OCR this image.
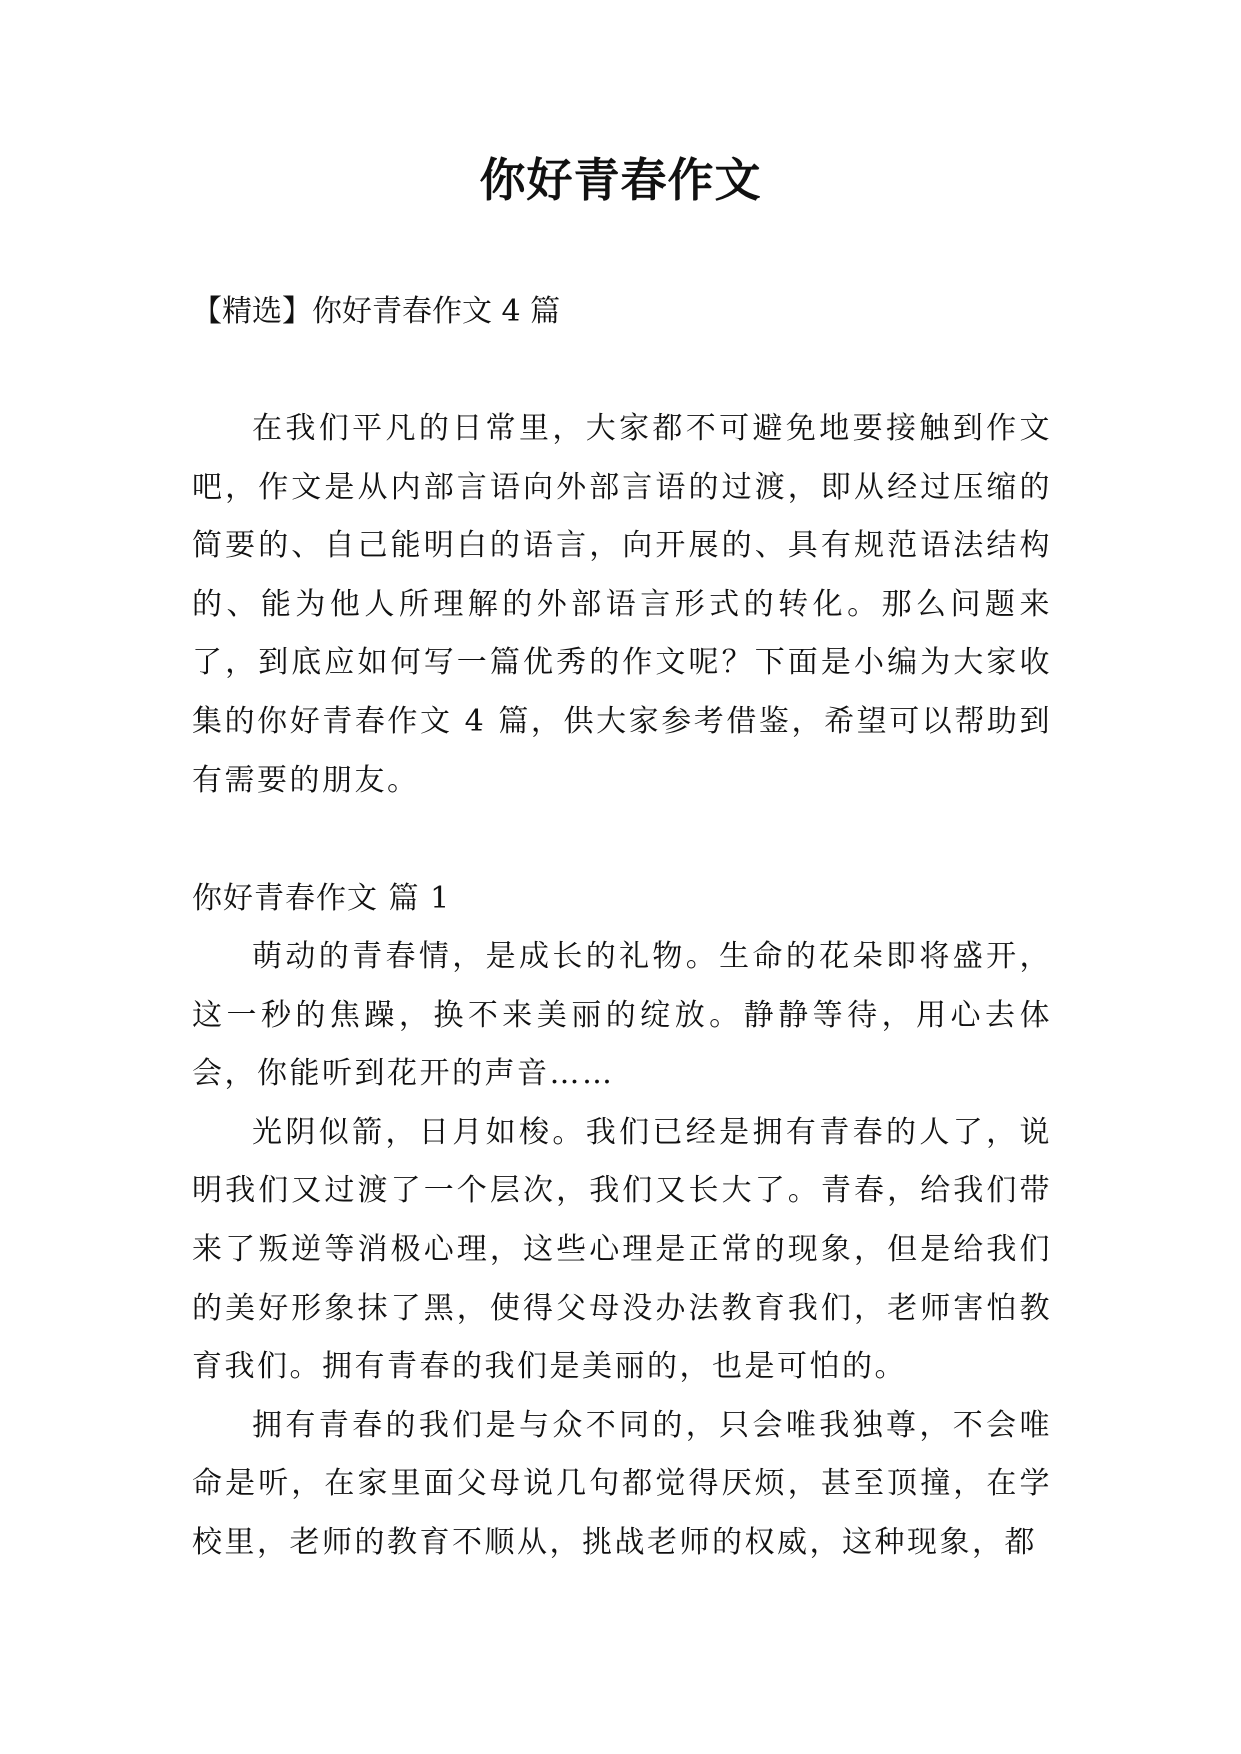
你好青春作文
【精选】你好青春作文 4 篇

在我们平凡的日常里，大家都不可避免地要接触到作文吧，作文是从内部言语向外部言语的过渡，即从经过压缩的简要的、自己能明白的语言，向开展的、具有规范语法结构的、能为他人所理解的外部语言形式的转化。那么问题来了，到底应如何写一篇优秀的作文呢？下面是小编为大家收集的你好青春作文 4 篇，供大家参考借鉴，希望可以帮助到有需要的朋友。

你好青春作文 篇 1

萌动的青春情，是成长的礼物。生命的花朵即将盛开，这一秒的焦躁，换不来美丽的绽放。静静等待，用心去体会，你能听到花开的声音……

光阴似箭，日月如梭。我们已经是拥有青春的人了，说明我们又过渡了一个层次，我们又长大了。青春，给我们带来了叛逆等消极心理，这些心理是正常的现象，但是给我们的美好形象抹了黑，使得父母没办法教育我们，老师害怕教育我们。拥有青春的我们是美丽的，也是可怕的。

拥有青春的我们是与众不同的，只会唯我独尊，不会唯命是听，在家里面父母说几句都觉得厌烦，甚至顶撞，在学校里，老师的教育不顺从，挑战老师的权威，这种现象，都
